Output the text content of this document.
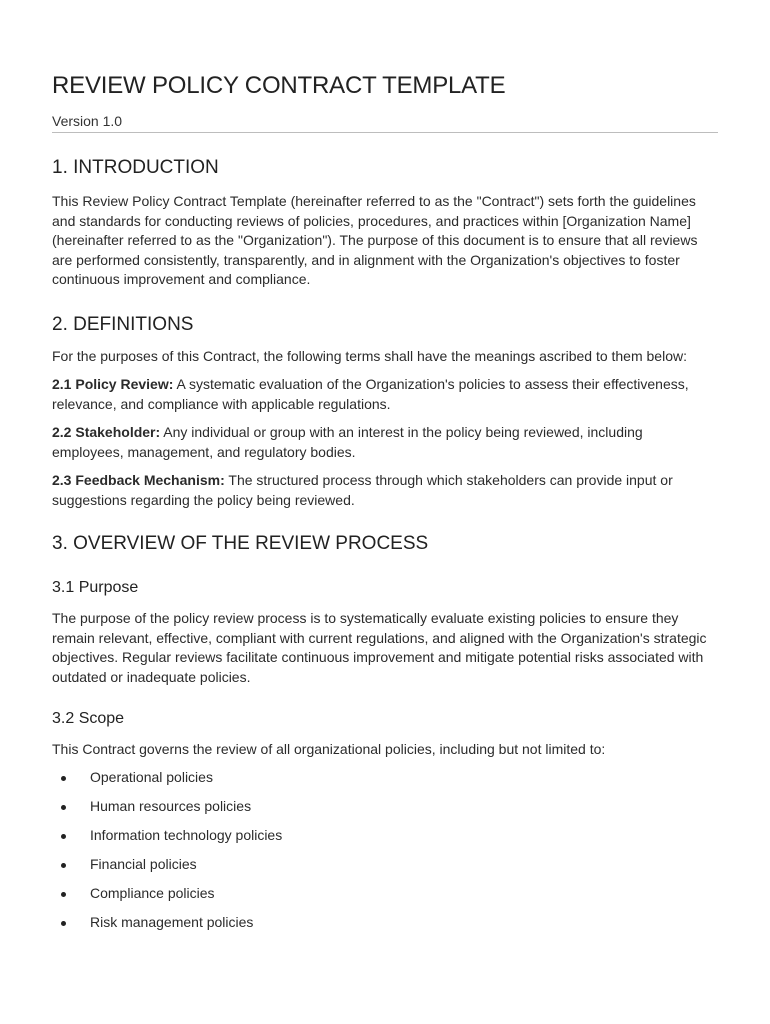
REVIEW POLICY CONTRACT TEMPLATE
Version 1.0
1. INTRODUCTION

This Review Policy Contract Template (hereinafter referred to as the "Contract") sets forth the guidelines and standards for conducting reviews of policies, procedures, and practices within [Organization Name] (hereinafter referred to as the "Organization"). The purpose of this document is to ensure that all reviews are performed consistently, transparently, and in alignment with the Organization's objectives to foster continuous improvement and compliance.

2. DEFINITIONS

For the purposes of this Contract, the following terms shall have the meanings ascribed to them below:

2.1 Policy Review: A systematic evaluation of the Organization's policies to assess their effectiveness, relevance, and compliance with applicable regulations.

2.2 Stakeholder: Any individual or group with an interest in the policy being reviewed, including employees, management, and regulatory bodies.

2.3 Feedback Mechanism: The structured process through which stakeholders can provide input or suggestions regarding the policy being reviewed.

3. OVERVIEW OF THE REVIEW PROCESS
3.1 Purpose

The purpose of the policy review process is to systematically evaluate existing policies to ensure they remain relevant, effective, compliant with current regulations, and aligned with the Organization's strategic objectives. Regular reviews facilitate continuous improvement and mitigate potential risks associated with outdated or inadequate policies.

3.2 Scope

This Contract governs the review of all organizational policies, including but not limited to:

Operational policies
Human resources policies
Information technology policies
Financial policies
Compliance policies
Risk management policies
